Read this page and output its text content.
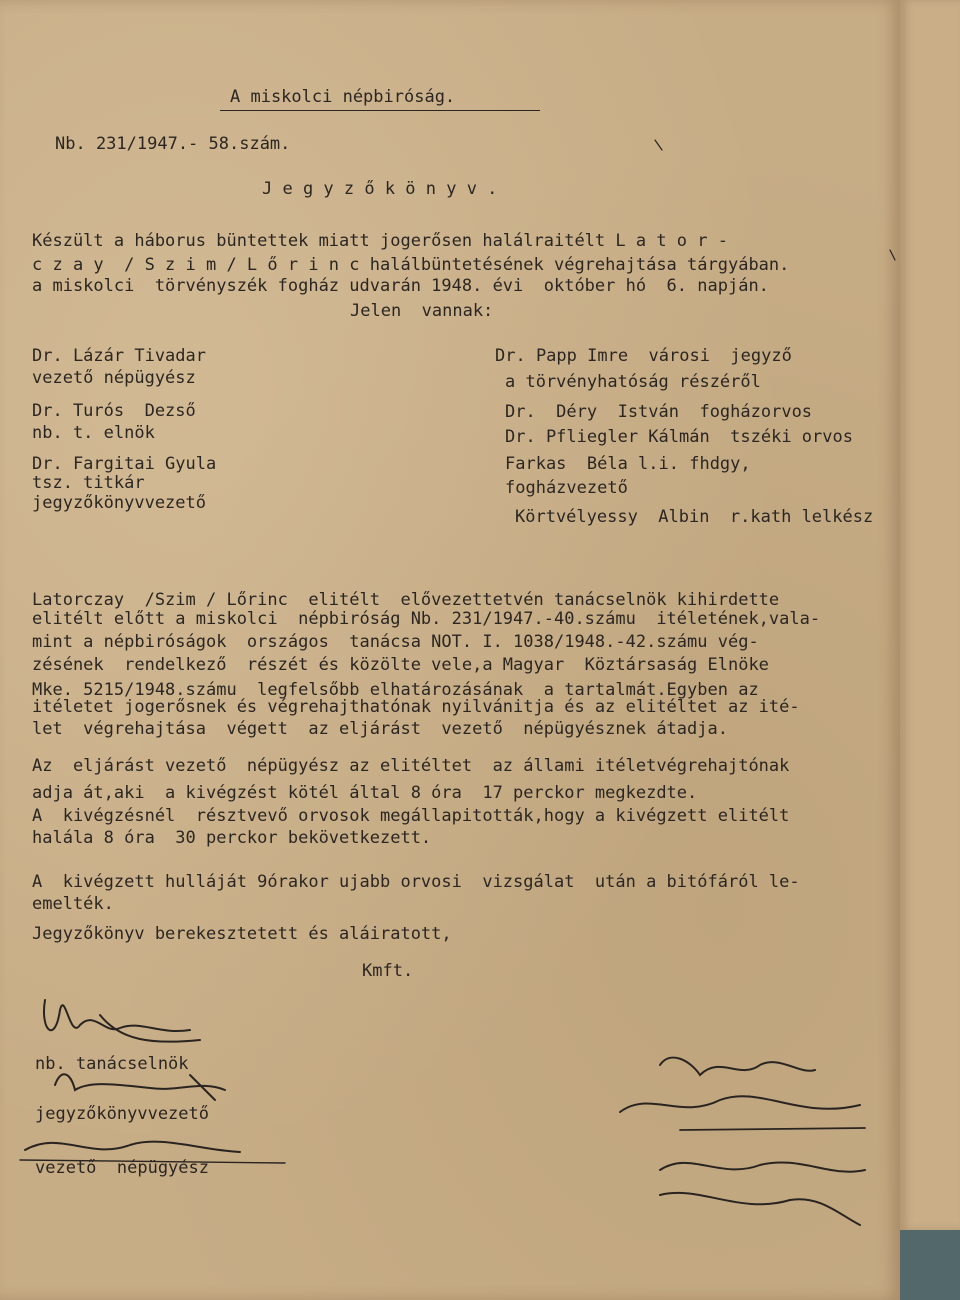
A miskolci népbiróság.

Nb. 231/1947.- 58.szám.

J e g y z ő k ö n y v .

Készült a háborus büntettek miatt jogerősen halálraitélt L a t o r -

c z a y  / S z i m / L ő r i n c halálbüntetésének végrehajtása tárgyában.

a miskolci  törvényszék fogház udvarán 1948. évi  október hó  6. napján.

Jelen  vannak:

Dr. Lázár Tivadar

vezető népügyész

Dr. Turós  Dezső

nb. t. elnök

Dr. Fargitai Gyula

tsz. titkár

jegyzőkönyvvezető

Dr. Papp Imre  városi  jegyző

a törvényhatóság részéről

Dr.  Déry  István  fogházorvos

Dr. Pfliegler Kálmán  tszéki orvos

Farkas  Béla l.i. fhdgy,

fogházvezető

Körtvélyessy  Albin  r.kath lelkész

Latorczay  /Szim / Lőrinc  elitélt  elővezettetvén tanácselnök kihirdette

elitélt előtt a miskolci  népbiróság Nb. 231/1947.-40.számu  itéletének,vala-

mint a népbiróságok  országos  tanácsa NOT. I. 1038/1948.-42.számu vég-

zésének  rendelkező  részét és közölte vele,a Magyar  Köztársaság Elnöke

Mke. 5215/1948.számu  legfelsőbb elhatározásának  a tartalmát.Egyben az

itéletet jogerősnek és végrehajthatónak nyilvánitja és az elitéltet az ité-

let  végrehajtása  végett  az eljárást  vezető  népügyésznek átadja.

Az  eljárást vezető  népügyész az elitéltet  az állami itéletvégrehajtónak

adja át,aki  a kivégzést kötél által 8 óra  17 perckor megkezdte.

A  kivégzésnél  résztvevő orvosok megállapitották,hogy a kivégzett elitélt

halála 8 óra  30 perckor bekövetkezett.

A  kivégzett hulláját 9órakor ujabb orvosi  vizsgálat  után a bitófáról le-

emelték.

Jegyzőkönyv berekesztetett és aláiratott,

Kmft.

nb. tanácselnök

jegyzőkönyvvezető

vezető  népügyész
